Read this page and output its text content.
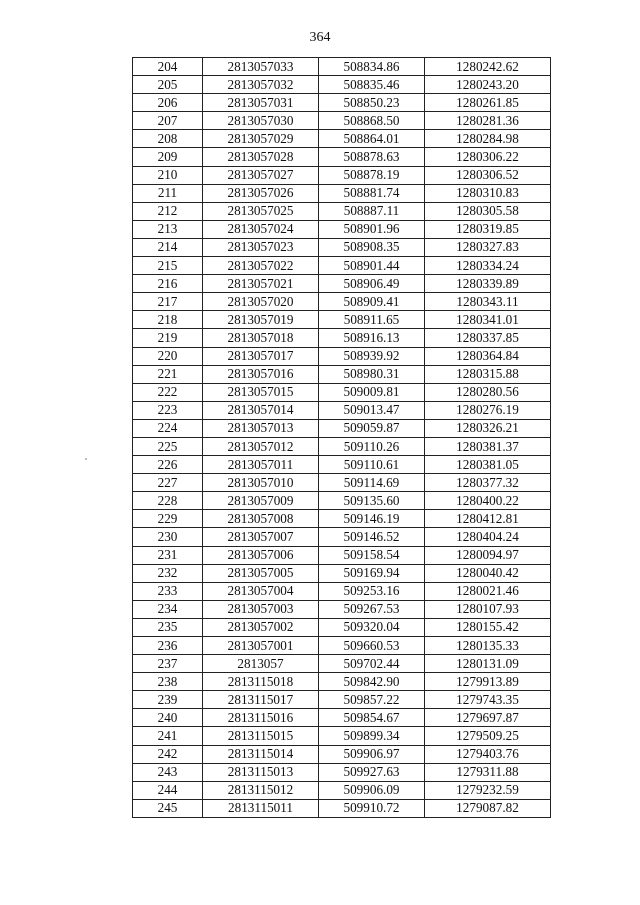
364
204	2813057033	508834.86	1280242.62
205	2813057032	508835.46	1280243.20
206	2813057031	508850.23	1280261.85
207	2813057030	508868.50	1280281.36
208	2813057029	508864.01	1280284.98
209	2813057028	508878.63	1280306.22
210	2813057027	508878.19	1280306.52
211	2813057026	508881.74	1280310.83
212	2813057025	508887.11	1280305.58
213	2813057024	508901.96	1280319.85
214	2813057023	508908.35	1280327.83
215	2813057022	508901.44	1280334.24
216	2813057021	508906.49	1280339.89
217	2813057020	508909.41	1280343.11
218	2813057019	508911.65	1280341.01
219	2813057018	508916.13	1280337.85
220	2813057017	508939.92	1280364.84
221	2813057016	508980.31	1280315.88
222	2813057015	509009.81	1280280.56
223	2813057014	509013.47	1280276.19
224	2813057013	509059.87	1280326.21
225	2813057012	509110.26	1280381.37
226	2813057011	509110.61	1280381.05
227	2813057010	509114.69	1280377.32
228	2813057009	509135.60	1280400.22
229	2813057008	509146.19	1280412.81
230	2813057007	509146.52	1280404.24
231	2813057006	509158.54	1280094.97
232	2813057005	509169.94	1280040.42
233	2813057004	509253.16	1280021.46
234	2813057003	509267.53	1280107.93
235	2813057002	509320.04	1280155.42
236	2813057001	509660.53	1280135.33
237	2813057	509702.44	1280131.09
238	2813115018	509842.90	1279913.89
239	2813115017	509857.22	1279743.35
240	2813115016	509854.67	1279697.87
241	2813115015	509899.34	1279509.25
242	2813115014	509906.97	1279403.76
243	2813115013	509927.63	1279311.88
244	2813115012	509906.09	1279232.59
245	2813115011	509910.72	1279087.82
